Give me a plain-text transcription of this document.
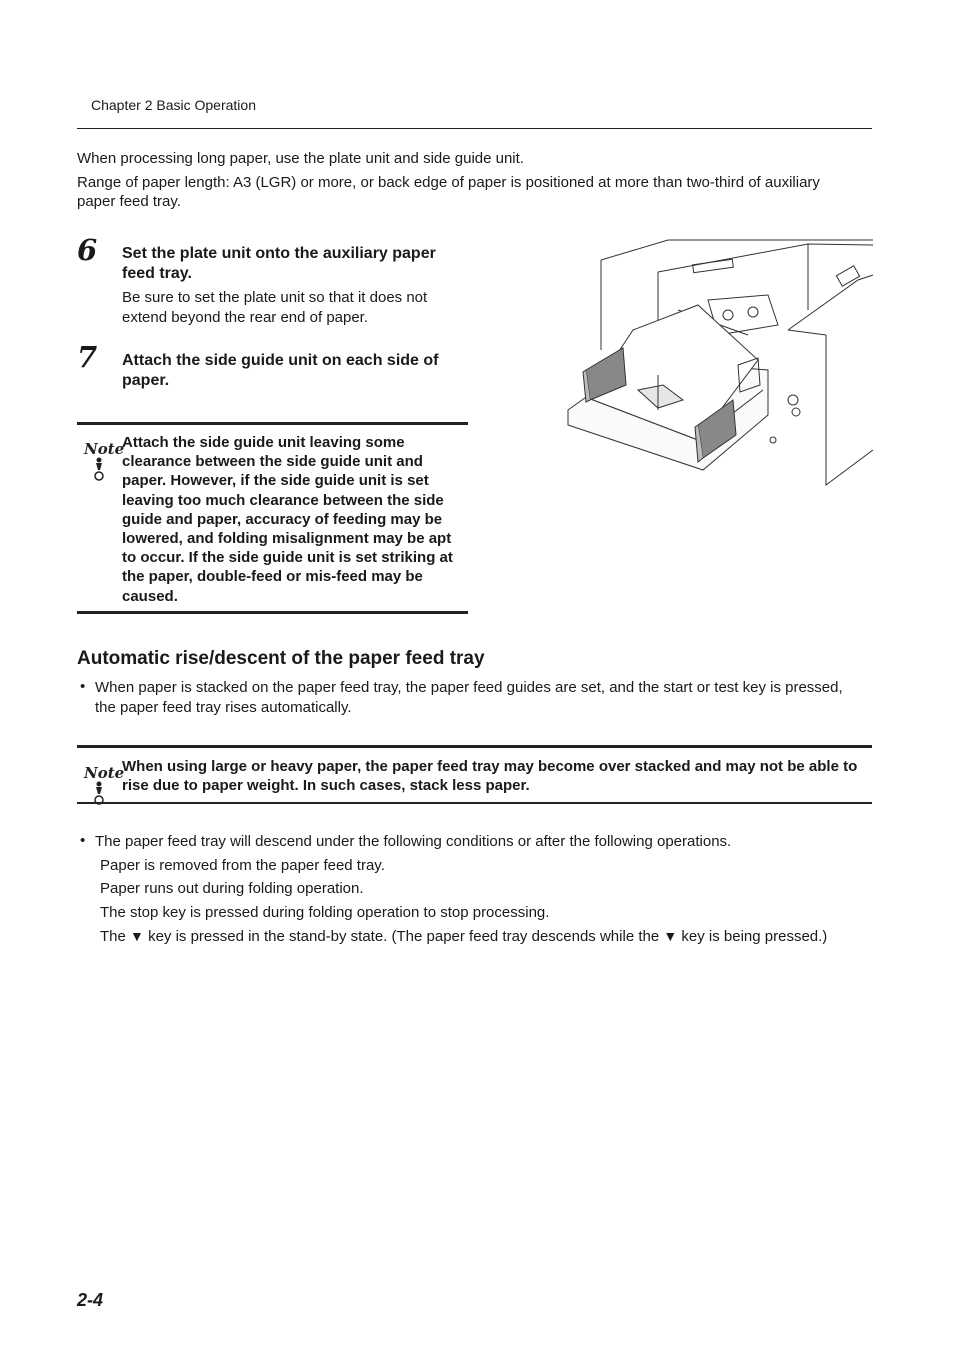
Chapter 2 Basic Operation
When processing long paper, use the plate unit and side guide unit.
Range of paper length: A3 (LGR) or more, or back edge of paper is positioned at more than two-third of auxiliary paper feed tray.
6 Set the plate unit onto the auxiliary paper feed tray.
Be sure to set the plate unit so that it does not extend beyond the rear end of paper.
7 Attach the side guide unit on each side of paper.
Note
Attach the side guide unit leaving some clearance between the side guide unit and paper. However, if the side guide unit is set leaving too much clearance between the side guide and paper, accuracy of feeding may be lowered, and folding misalignment may be apt to occur. If the side guide unit is set striking at the paper, double-feed or mis-feed may be caused.
Automatic rise/descent of the paper feed tray
• When paper is stacked on the paper feed tray, the paper feed guides are set, and the start or test key is pressed, the paper feed tray rises automatically.
Note
When using large or heavy paper, the paper feed tray may become over stacked and may not be able to rise due to paper weight. In such cases, stack less paper.
• The paper feed tray will descend under the following conditions or after the following operations.
Paper is removed from the paper feed tray.
Paper runs out during folding operation.
The stop key is pressed during folding operation to stop processing.
The ▼ key is pressed in the stand-by state. (The paper feed tray descends while the ▼ key is being pressed.)
2-4
